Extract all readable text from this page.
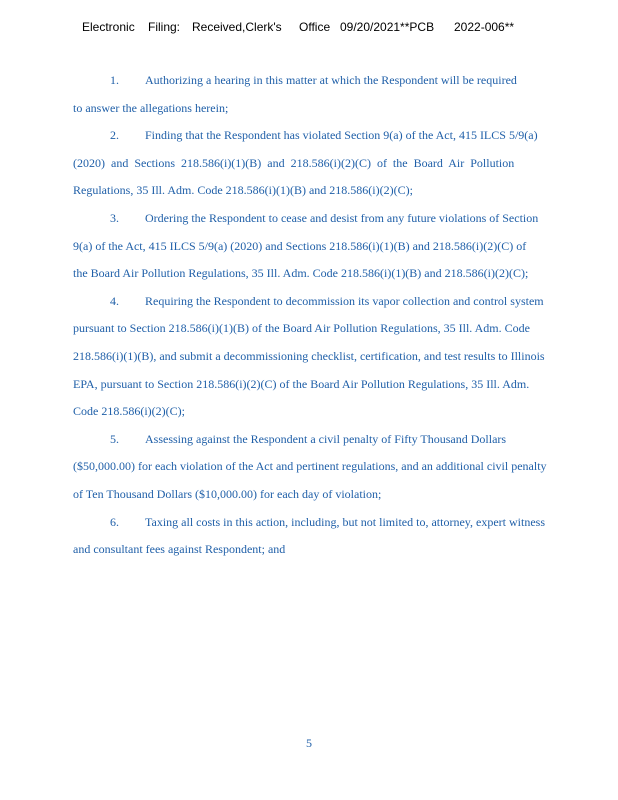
Electronic Filing: Received,Clerk's Office 09/20/2021**PCB 2022-006**
1. Authorizing a hearing in this matter at which the Respondent will be required
to answer the allegations herein;
2. Finding that the Respondent has violated Section 9(a) of the Act, 415 ILCS 5/9(a)
(2020)  and  Sections  218.586(i)(1)(B)  and  218.586(i)(2)(C)  of  the  Board  Air  Pollution
Regulations, 35 Ill. Adm. Code 218.586(i)(1)(B) and 218.586(i)(2)(C);
3. Ordering the Respondent to cease and desist from any future violations of Section
9(a) of the Act, 415 ILCS 5/9(a) (2020) and Sections 218.586(i)(1)(B) and 218.586(i)(2)(C) of
the Board Air Pollution Regulations, 35 Ill. Adm. Code 218.586(i)(1)(B) and 218.586(i)(2)(C);
4. Requiring the Respondent to decommission its vapor collection and control system
pursuant to Section 218.586(i)(1)(B) of the Board Air Pollution Regulations, 35 Ill. Adm. Code
218.586(i)(1)(B), and submit a decommissioning checklist, certification, and test results to Illinois
EPA, pursuant to Section 218.586(i)(2)(C) of the Board Air Pollution Regulations, 35 Ill. Adm.
Code 218.586(i)(2)(C);
5. Assessing against the Respondent a civil penalty of Fifty Thousand Dollars
($50,000.00) for each violation of the Act and pertinent regulations, and an additional civil penalty
of Ten Thousand Dollars ($10,000.00) for each day of violation;
6. Taxing all costs in this action, including, but not limited to, attorney, expert witness
and consultant fees against Respondent; and
5
